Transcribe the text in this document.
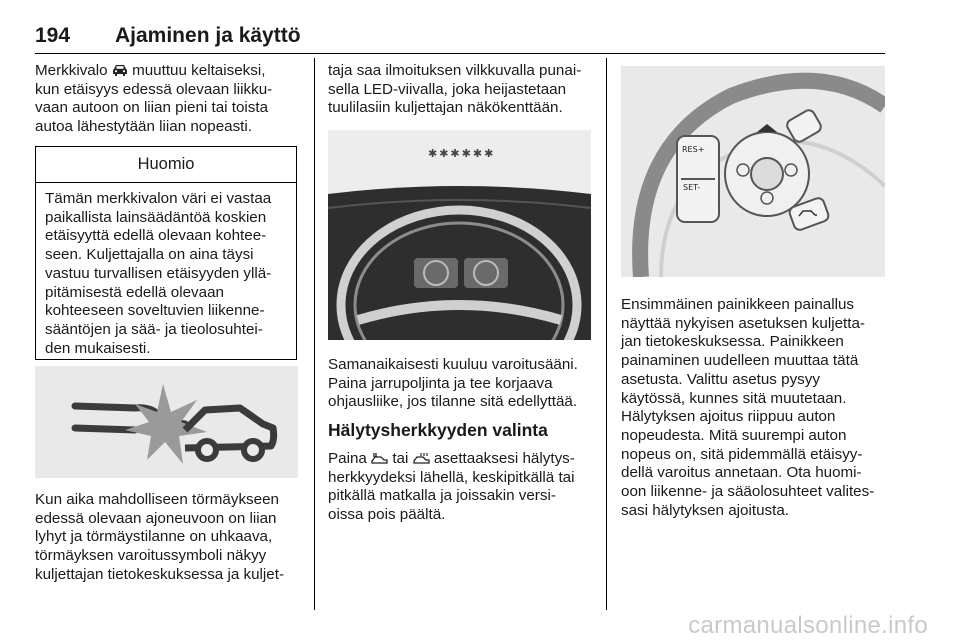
194 Ajaminen ja käyttö
Merkkivalo muuttuu keltaiseksi,
kun etäisyys edessä olevaan liikku-
vaan autoon on liian pieni tai toista
autoa lähestytään liian nopeasti.
Huomio
Tämän merkkivalon väri ei vastaa
paikallista lainsäädäntöä koskien
etäisyyttä edellä olevaan kohtee-
seen. Kuljettajalla on aina täysi
vastuu turvallisen etäisyyden yllä-
pitämisestä edellä olevaan
kohteeseen soveltuvien liikenne-
sääntöjen ja sää- ja tieolosuhtei-
den mukaisesti.
Kun aika mahdolliseen törmäykseen
edessä olevaan ajoneuvoon on liian
lyhyt ja törmäystilanne on uhkaava,
törmäyksen varoitussymboli näkyy
kuljettajan tietokeskuksessa ja kuljet-
taja saa ilmoituksen vilkkuvalla punai-
sella LED-viivalla, joka heijastetaan
tuulilasiin kuljettajan näkökenttään.
✱✱✱✱✱✱
Samanaikaisesti kuuluu varoitusääni.
Paina jarrupoljinta ja tee korjaava
ohjausliike, jos tilanne sitä edellyttää.
Hälytysherkkyyden valinta
Paina tai asettaaksesi hälytys-
herkkyydeksi lähellä, keskipitkällä tai
pitkällä matkalla ja joissakin versi-
oissa pois päältä.
RES+
SET-
Ensimmäinen painikkeen painallus
näyttää nykyisen asetuksen kuljetta-
jan tietokeskuksessa. Painikkeen
painaminen uudelleen muuttaa tätä
asetusta. Valittu asetus pysyy
käytössä, kunnes sitä muutetaan.
Hälytyksen ajoitus riippuu auton
nopeudesta. Mitä suurempi auton
nopeus on, sitä pidemmällä etäisyy-
dellä varoitus annetaan. Ota huomi-
oon liikenne- ja sääolosuhteet valites-
sasi hälytyksen ajoitusta.
carmanualsonline.info
